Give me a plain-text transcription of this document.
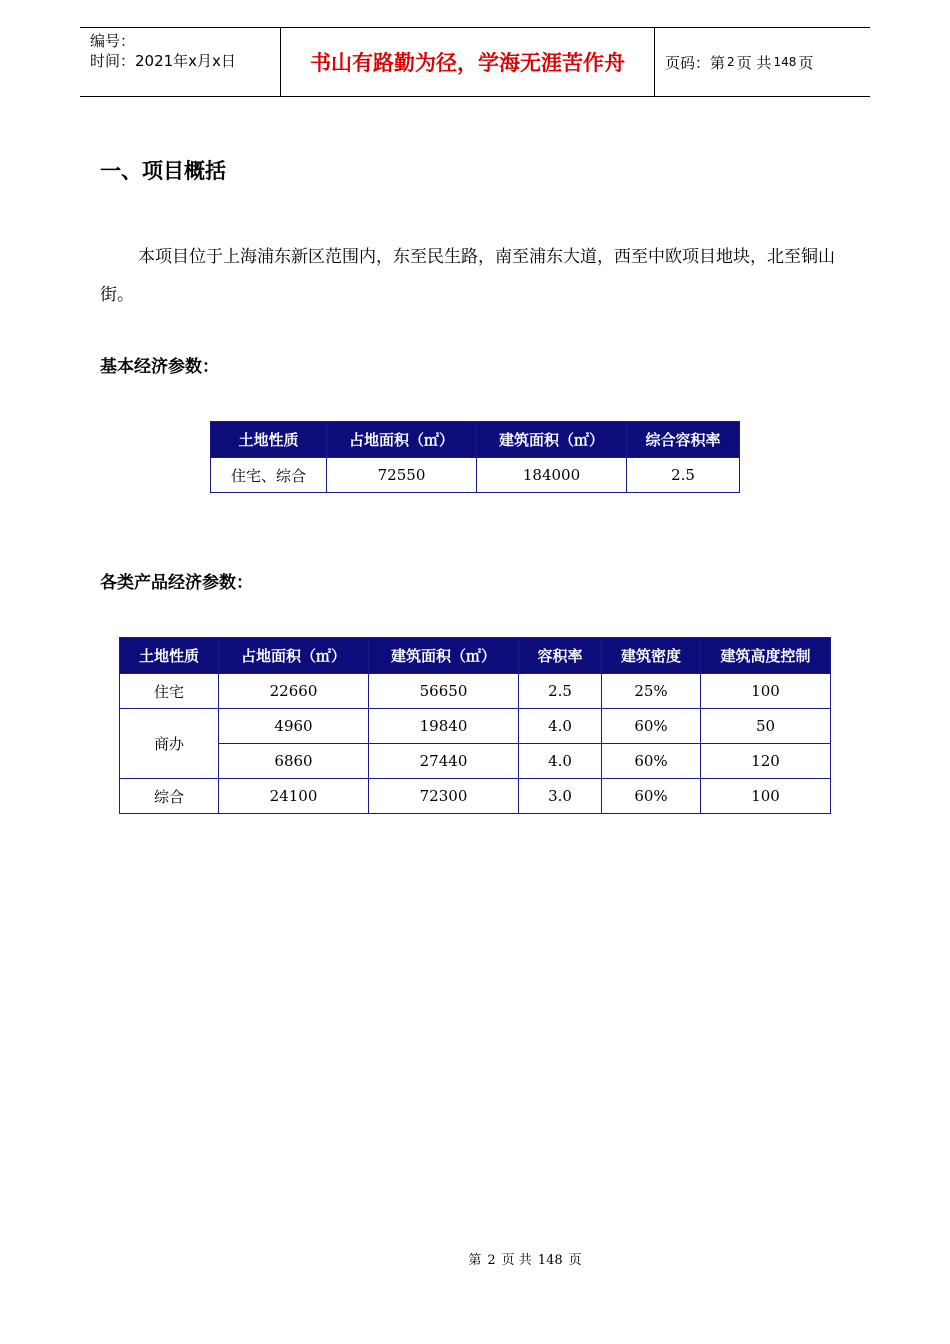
编号：
时间：2021年x月x日	书山有路勤为径，学海无涯苦作舟	页码：第 2 页 共 148 页
一、项目概括
本项目位于上海浦东新区范围内，东至民生路，南至浦东大道，西至中欧项目地块，北至铜山街。
基本经济参数：
土地性质	占地面积（㎡）	建筑面积（㎡）	综合容积率
住宅、综合	72550	184000	2.5
各类产品经济参数：
土地性质	占地面积（㎡）	建筑面积（㎡）	容积率	建筑密度	建筑高度控制
住宅	22660	56650	2.5	25%	100
商办	4960	19840	4.0	60%	50
	6860	27440	4.0	60%	120
综合	24100	72300	3.0	60%	100
第 2 页 共 148 页
